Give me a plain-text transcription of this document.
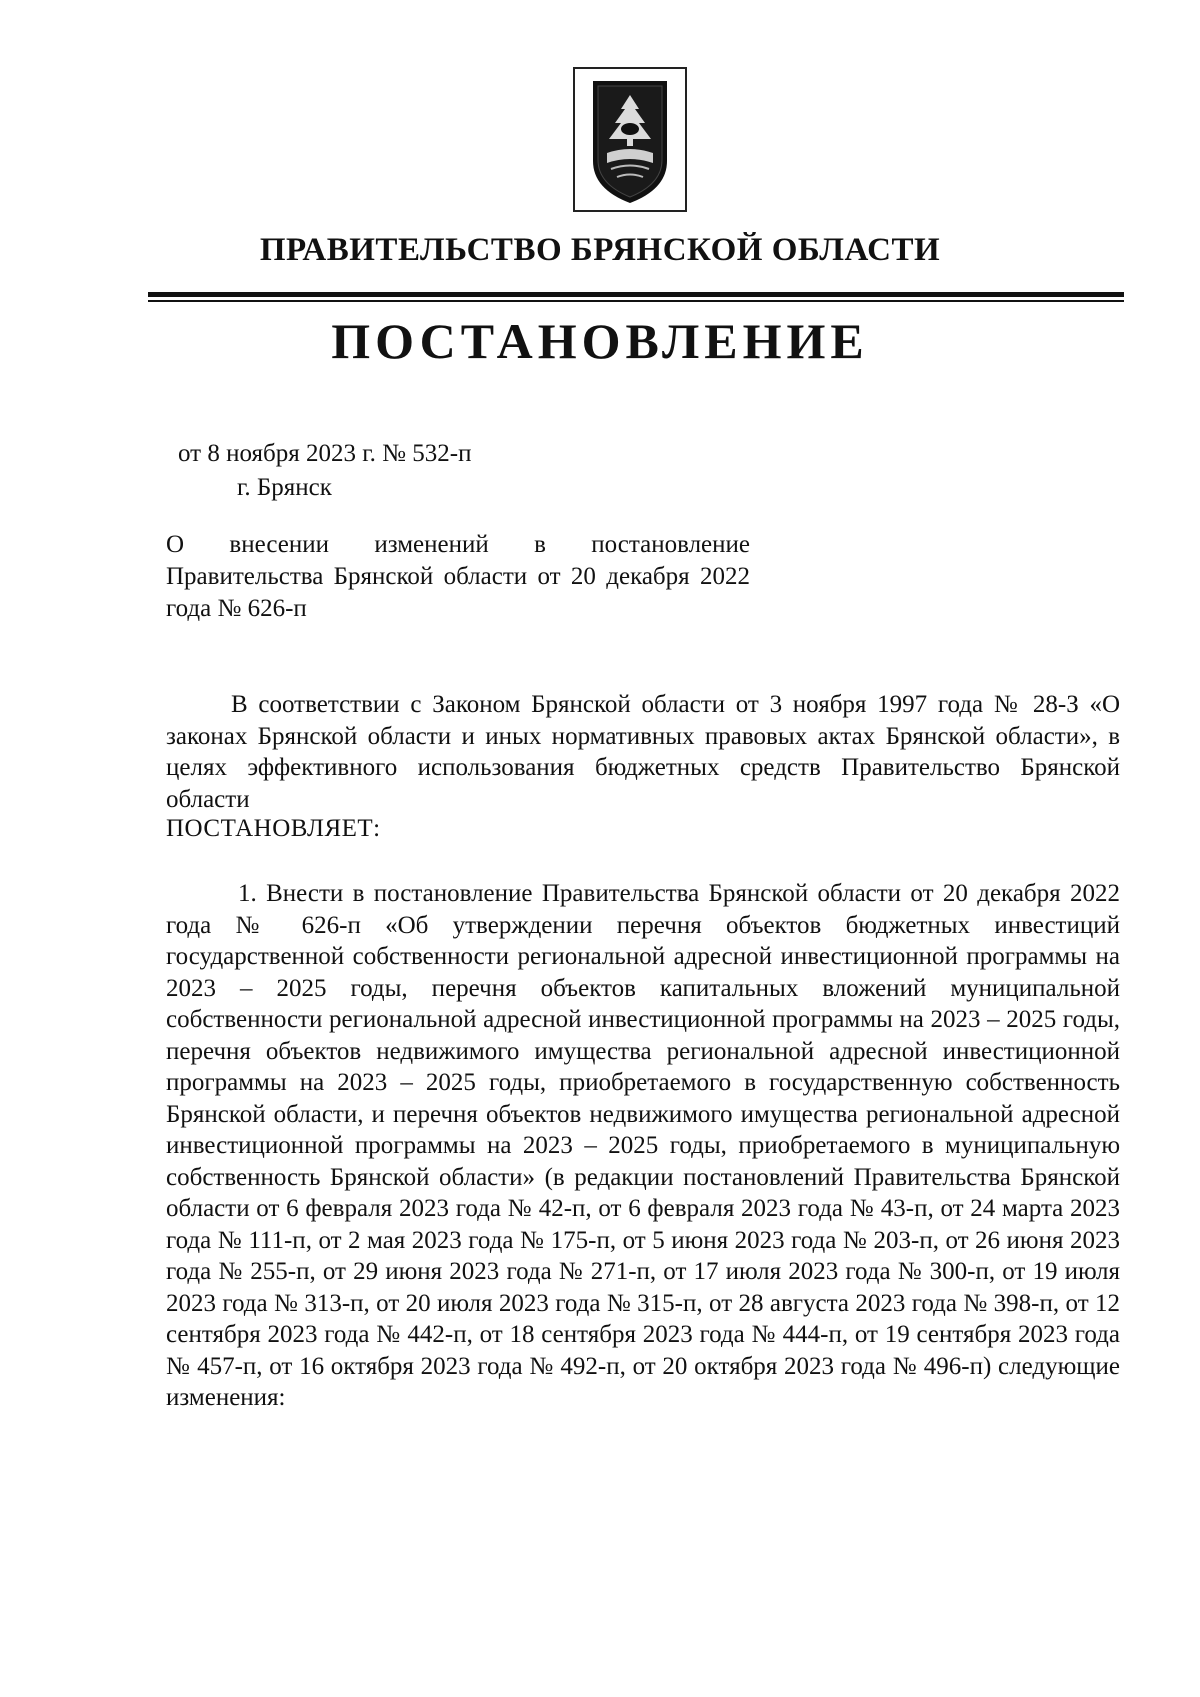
ПРАВИТЕЛЬСТВО БРЯНСКОЙ ОБЛАСТИ
ПОСТАНОВЛЕНИЕ
от 8 ноября 2023 г. № 532-п
г. Брянск
О внесении изменений в постановление Правительства Брянской области от 20 декабря 2022 года № 626-п
В соответствии с Законом Брянской области от 3 ноября 1997 года № 28-З «О законах Брянской области и иных нормативных правовых актах Брянской области», в целях эффективного использования бюджетных средств Правительство Брянской области
ПОСТАНОВЛЯЕТ:
1. Внести в постановление Правительства Брянской области от 20 декабря 2022 года № 626-п «Об утверждении перечня объектов бюджетных инвестиций государственной собственности региональной адресной инвестиционной программы на 2023 – 2025 годы, перечня объектов капитальных вложений муниципальной собственности региональной адресной инвестиционной программы на 2023 – 2025 годы, перечня объектов недвижимого имущества региональной адресной инвестиционной программы на 2023 – 2025 годы, приобретаемого в государственную собственность Брянской области, и перечня объектов недвижимого имущества региональной адресной инвестиционной программы на 2023 – 2025 годы, приобретаемого в муниципальную собственность Брянской области» (в редакции постановлений Правительства Брянской области от 6 февраля 2023 года № 42-п, от 6 февраля 2023 года № 43-п, от 24 марта 2023 года № 111-п, от 2 мая 2023 года № 175-п, от 5 июня 2023 года № 203-п, от 26 июня 2023 года № 255-п, от 29 июня 2023 года № 271-п, от 17 июля 2023 года № 300-п, от 19 июля 2023 года № 313-п, от 20 июля 2023 года № 315-п, от 28 августа 2023 года № 398-п, от 12 сентября 2023 года № 442-п, от 18 сентября 2023 года № 444-п, от 19 сентября 2023 года № 457-п, от 16 октября 2023 года № 492-п, от 20 октября 2023 года № 496-п) следующие изменения:
